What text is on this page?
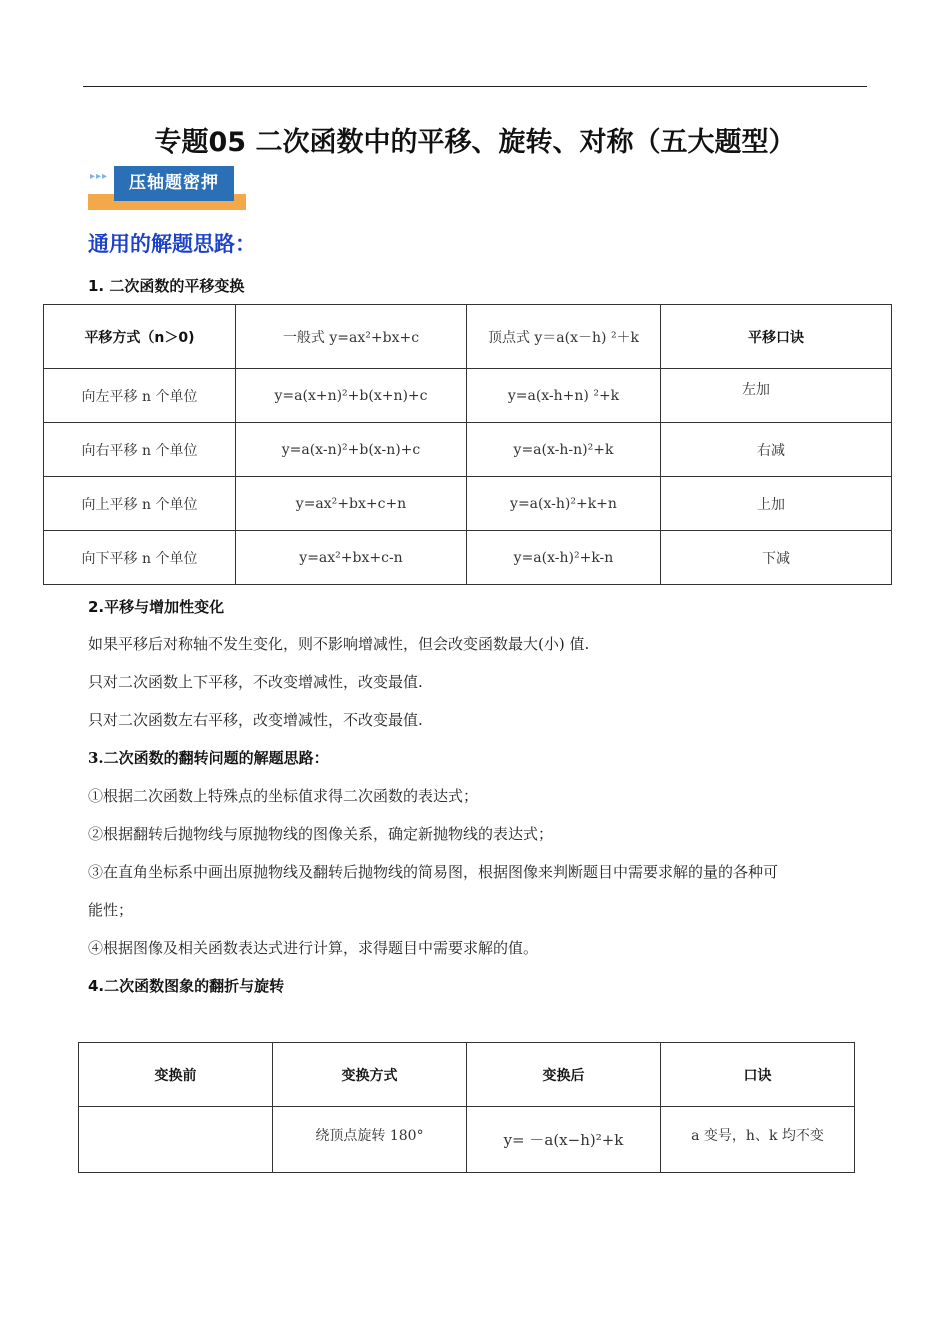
专题05 二次函数中的平移、旋转、对称（五大题型）
▸▸▸	压轴题密押
通用的解题思路：
1. 二次函数的平移变换
平移方式（n＞0)	一般式 y=ax²+bx+c	顶点式 y＝a(x－h) ²＋k	平移口诀
向左平移 n 个单位	y=a(x+n)²+b(x+n)+c	y=a(x-h+n) ²+k	左加
向右平移 n 个单位	y=a(x-n)²+b(x-n)+c	y=a(x-h-n)²+k	右减
向上平移 n 个单位	y=ax²+bx+c+n	y=a(x-h)²+k+n	上加
向下平移 n 个单位	y=ax²+bx+c-n	y=a(x-h)²+k-n	下减
2.平移与增加性变化
如果平移后对称轴不发生变化，则不影响增减性，但会改变函数最大(小) 值.
只对二次函数上下平移，不改变增减性，改变最值.
只对二次函数左右平移，改变增减性，不改变最值.
3.二次函数的翻转问题的解题思路：
①根据二次函数上特殊点的坐标值求得二次函数的表达式；
②根据翻转后抛物线与原抛物线的图像关系，确定新抛物线的表达式；
③在直角坐标系中画出原抛物线及翻转后抛物线的简易图，根据图像来判断题目中需要求解的量的各种可
能性；
④根据图像及相关函数表达式进行计算，求得题目中需要求解的值。
4.二次函数图象的翻折与旋转
变换前	变换方式	变换后	口诀
	绕顶点旋转 180°	y= －a(x−h)²+k	a 变号，h、k 均不变
